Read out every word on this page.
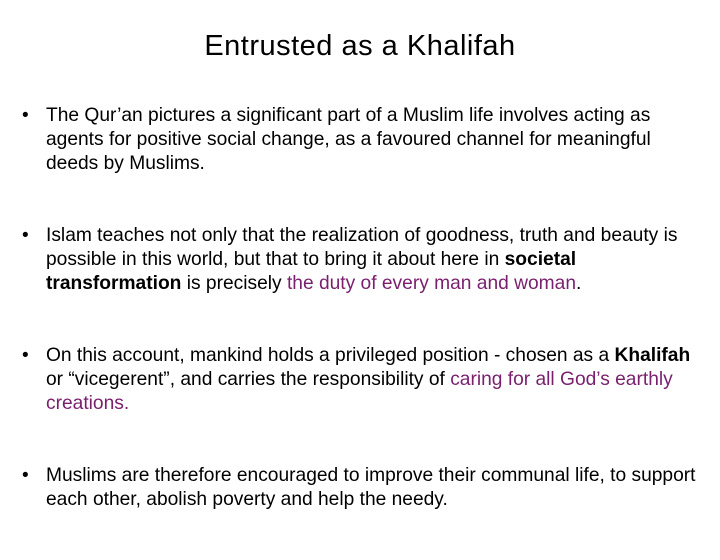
Entrusted as a Khalifah
• The Qur’an pictures a significant part of a Muslim life involves acting as agents for positive social change, as a favoured channel for meaningful deeds by Muslims.
• Islam teaches not only that the realization of goodness, truth and beauty is possible in this world, but that to bring it about here in societal transformation is precisely the duty of every man and woman.
• On this account, mankind holds a privileged position - chosen as a Khalifah or “vicegerent”, and carries the responsibility of caring for all God’s earthly creations.
• Muslims are therefore encouraged to improve their communal life, to support each other, abolish poverty and help the needy.
